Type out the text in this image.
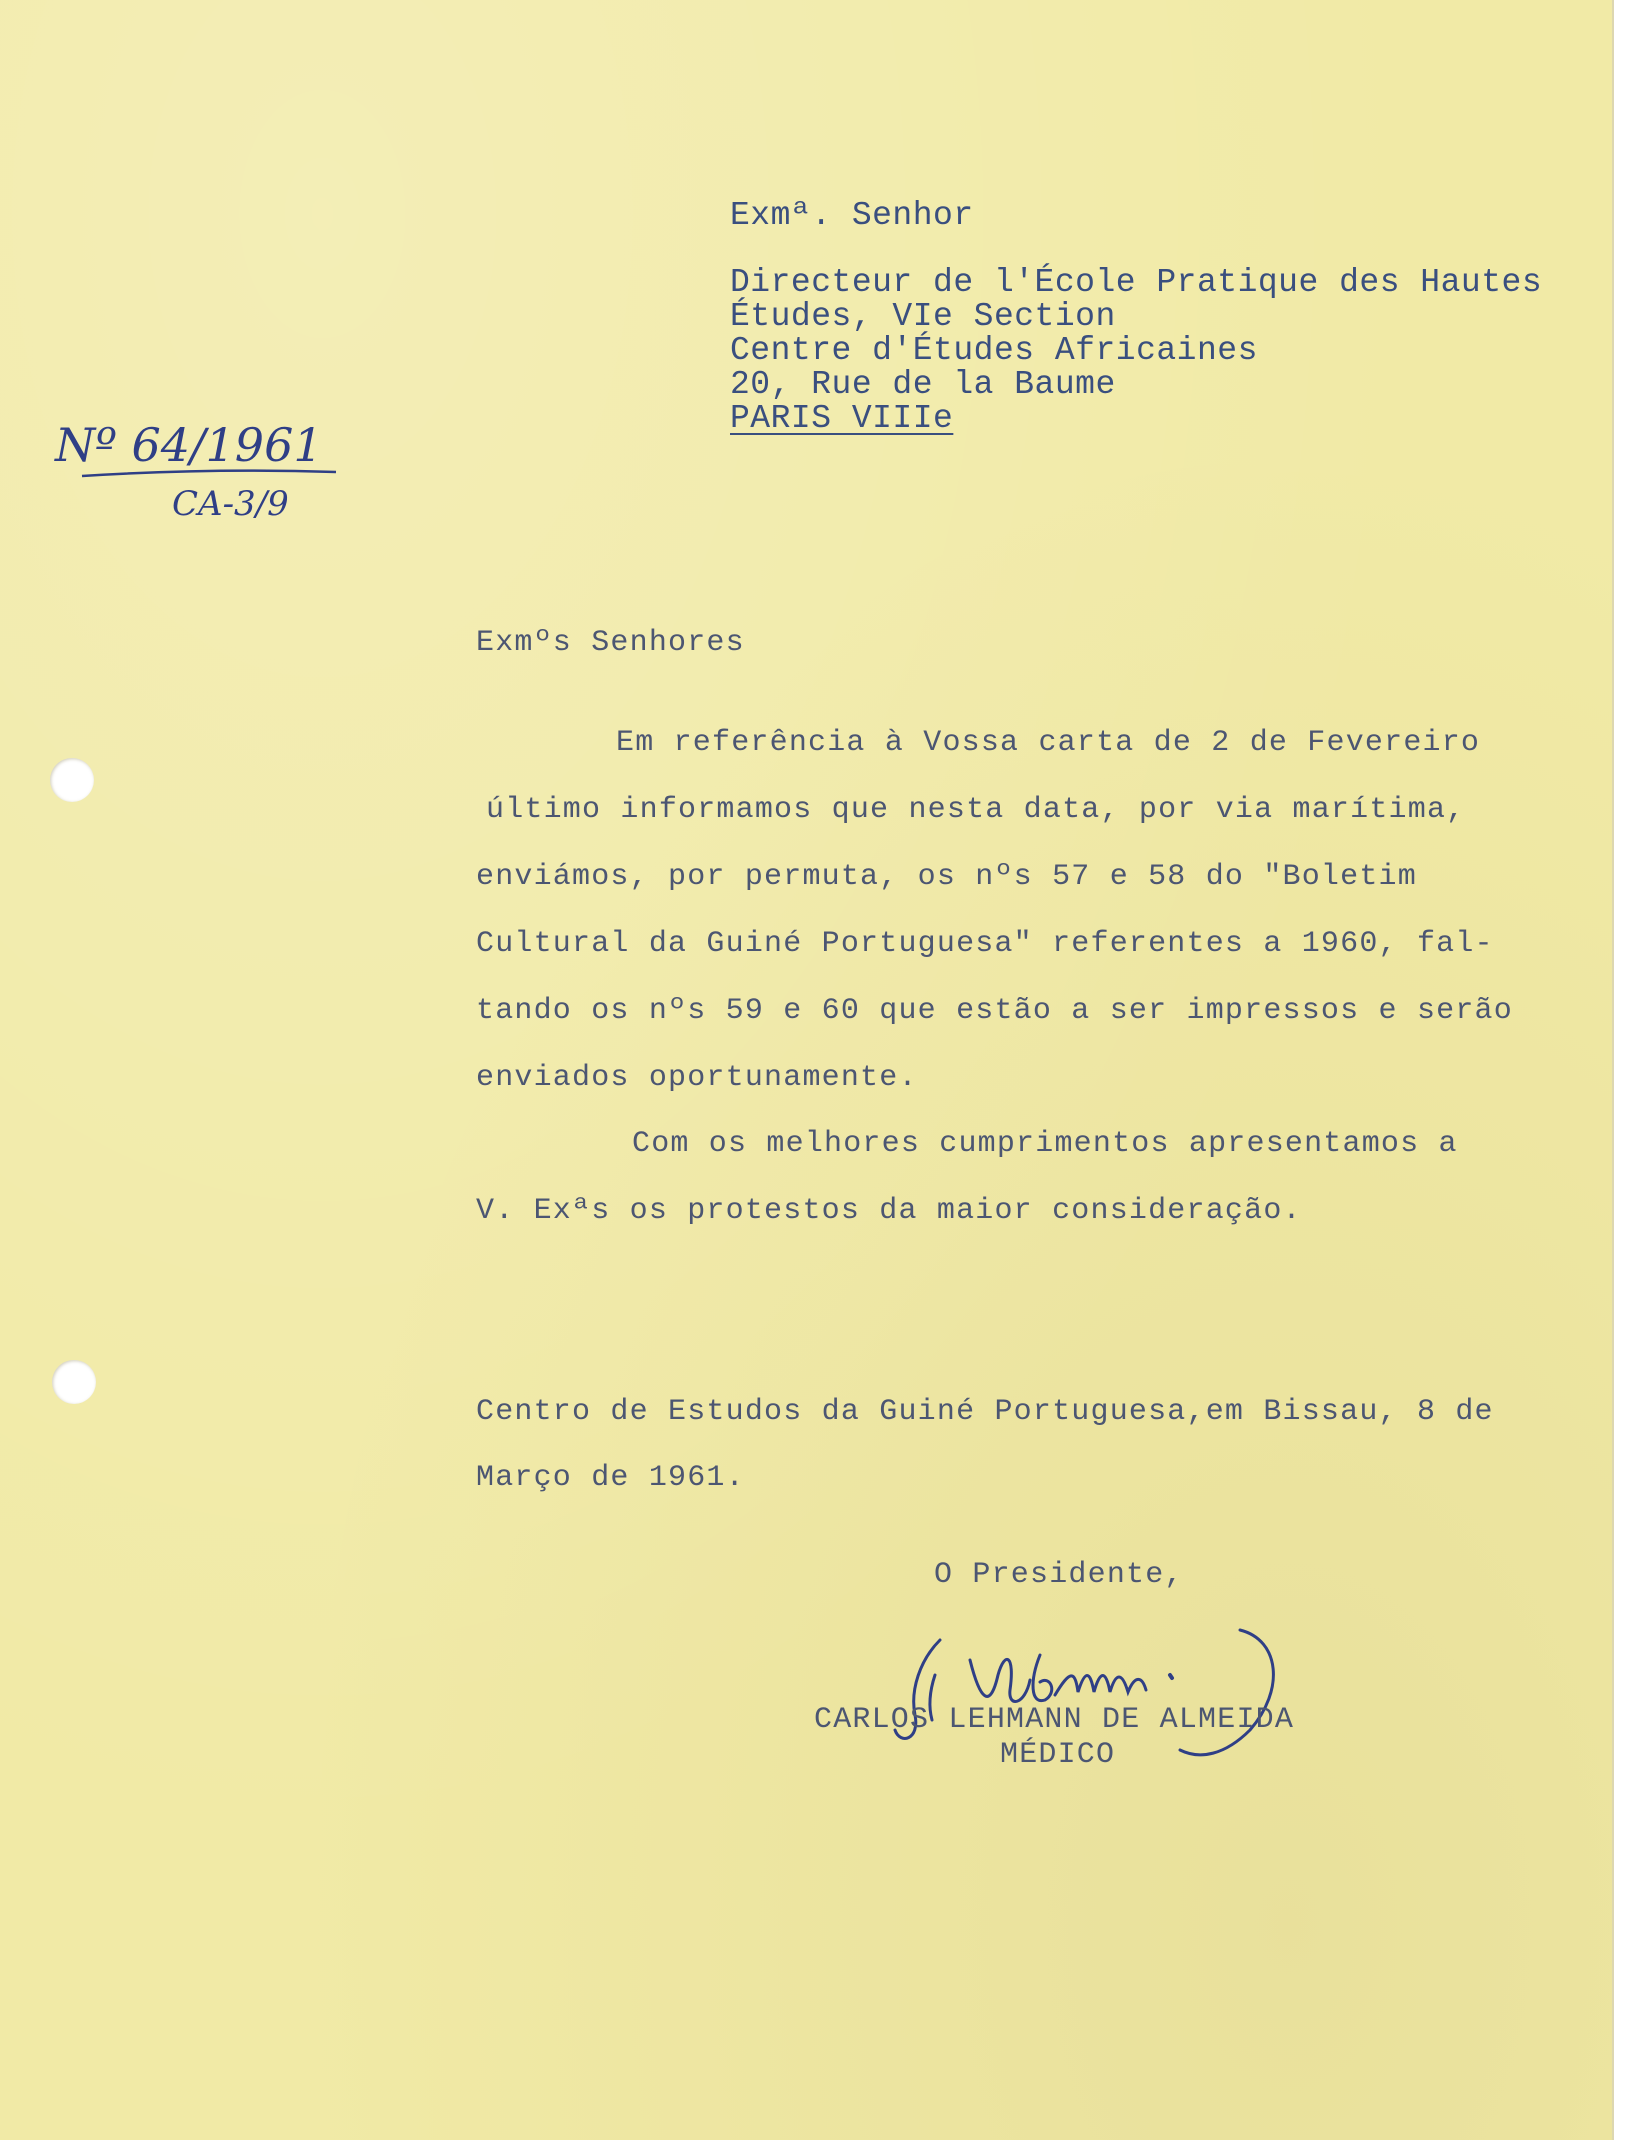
Exmª. Senhor
Directeur de l'École Pratique des Hautes
Études, VIe Section
Centre d'Études Africaines
20, Rue de la Baume
PARIS VIIIe
Nº 64/1961
CA-3/9
Exmºs Senhores
Em referência à Vossa carta de 2 de Fevereiro
último informamos que nesta data, por via marítima,
enviámos, por permuta, os nºs 57 e 58 do "Boletim
Cultural da Guiné Portuguesa" referentes a 1960, fal-
tando os nºs 59 e 60 que estão a ser impressos e serão
enviados oportunamente.
Com os melhores cumprimentos apresentamos a
V. Exªs os protestos da maior consideração.
Centro de Estudos da Guiné Portuguesa,em Bissau, 8 de
Março de 1961.
O Presidente,
CARLOS LEHMANN DE ALMEIDA
MÉDICO
